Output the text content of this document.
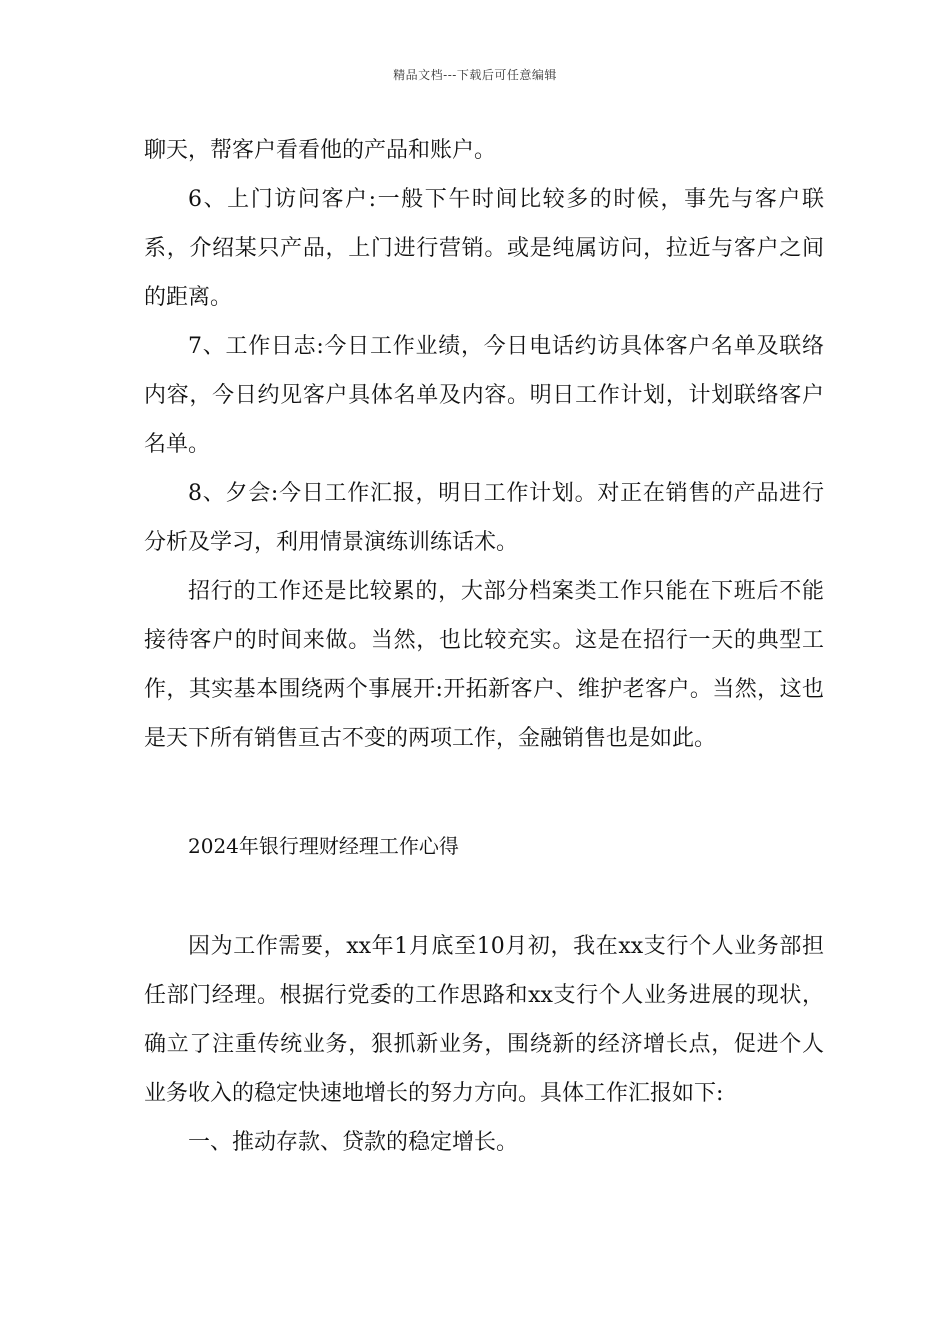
精品文档---下载后可任意编辑

聊天，帮客户看看他的产品和账户。

6、上门访问客户:一般下午时间比较多的时候，事先与客户联系，介绍某只产品，上门进行营销。或是纯属访问，拉近与客户之间的距离。

7、工作日志:今日工作业绩，今日电话约访具体客户名单及联络内容，今日约见客户具体名单及内容。明日工作计划，计划联络客户名单。

8、夕会:今日工作汇报，明日工作计划。对正在销售的产品进行分析及学习，利用情景演练训练话术。

招行的工作还是比较累的，大部分档案类工作只能在下班后不能接待客户的时间来做。当然，也比较充实。这是在招行一天的典型工作，其实基本围绕两个事展开:开拓新客户、维护老客户。当然，这也是天下所有销售亘古不变的两项工作，金融销售也是如此。

2024年银行理财经理工作心得

因为工作需要，xx年1月底至10月初，我在xx支行个人业务部担任部门经理。根据行党委的工作思路和xx支行个人业务进展的现状，确立了注重传统业务，狠抓新业务，围绕新的经济增长点，促进个人业务收入的稳定快速地增长的努力方向。具体工作汇报如下:

一、推动存款、贷款的稳定增长。
